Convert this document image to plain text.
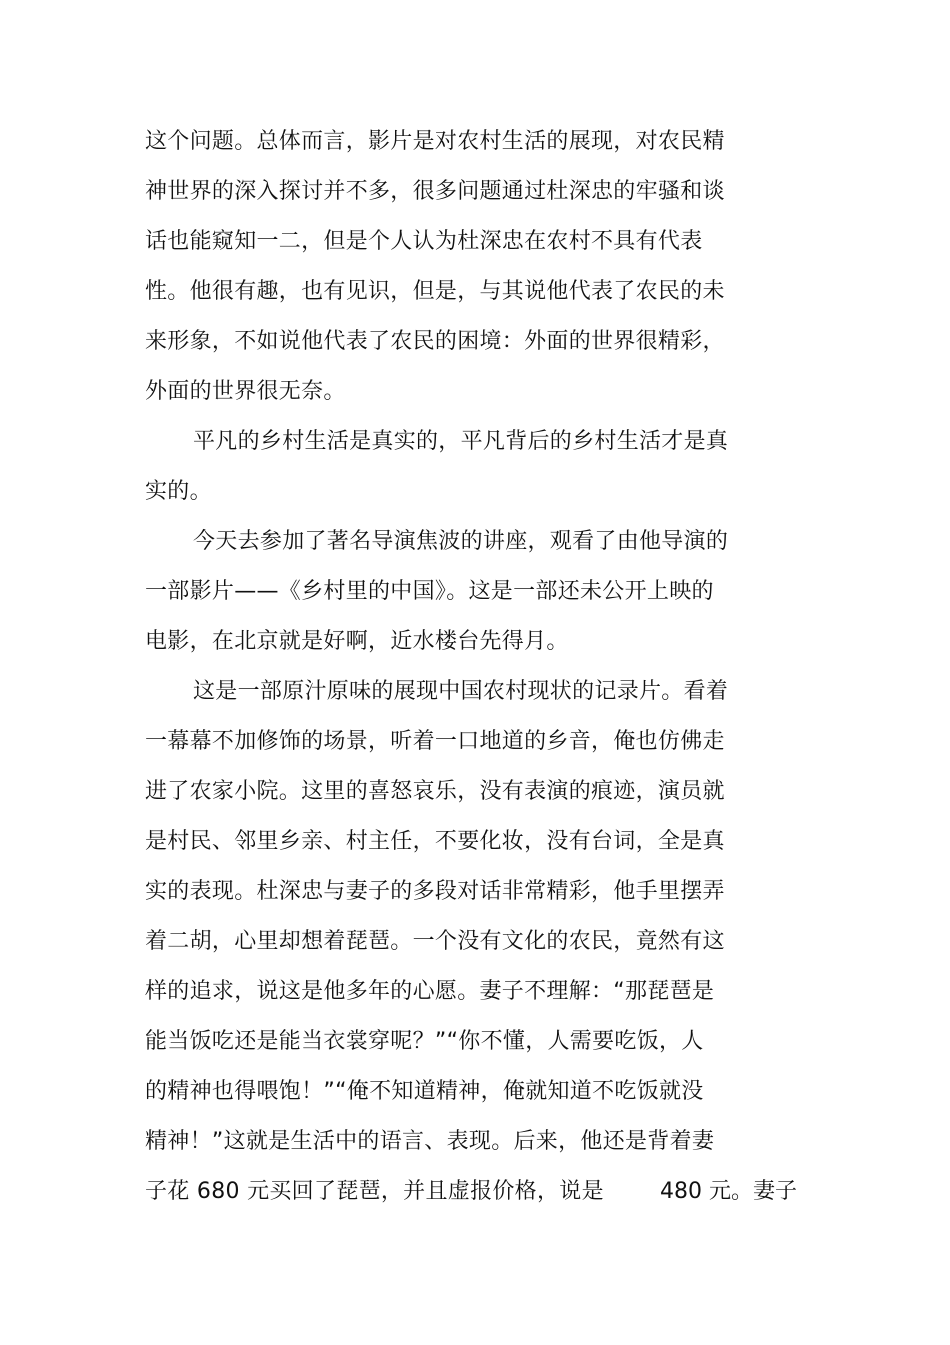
这个问题。总体而言，影片是对农村生活的展现，对农民精
神世界的深入探讨并不多，很多问题通过杜深忠的牢骚和谈
话也能窥知一二，但是个人认为杜深忠在农村不具有代表
性。他很有趣，也有见识，但是，与其说他代表了农民的未
来形象，不如说他代表了农民的困境：外面的世界很精彩，
外面的世界很无奈。
平凡的乡村生活是真实的，平凡背后的乡村生活才是真
实的。
今天去参加了著名导演焦波的讲座，观看了由他导演的
一部影片——《乡村里的中国》。这是一部还未公开上映的
电影，在北京就是好啊，近水楼台先得月。
这是一部原汁原味的展现中国农村现状的记录片。看着
一幕幕不加修饰的场景，听着一口地道的乡音，俺也仿佛走
进了农家小院。这里的喜怒哀乐，没有表演的痕迹，演员就
是村民、邻里乡亲、村主任，不要化妆，没有台词，全是真
实的表现。杜深忠与妻子的多段对话非常精彩，他手里摆弄
着二胡，心里却想着琵琶。一个没有文化的农民，竟然有这
样的追求，说这是他多年的心愿。妻子不理解：“那琵琶是
能当饭吃还是能当衣裳穿呢？”“你不懂，人需要吃饭，人
的精神也得喂饱！”“俺不知道精神，俺就知道不吃饭就没
精神！”这就是生活中的语言、表现。后来，他还是背着妻
子花 680 元买回了琵琶，并且虚报价格，说是	480 元。妻子
